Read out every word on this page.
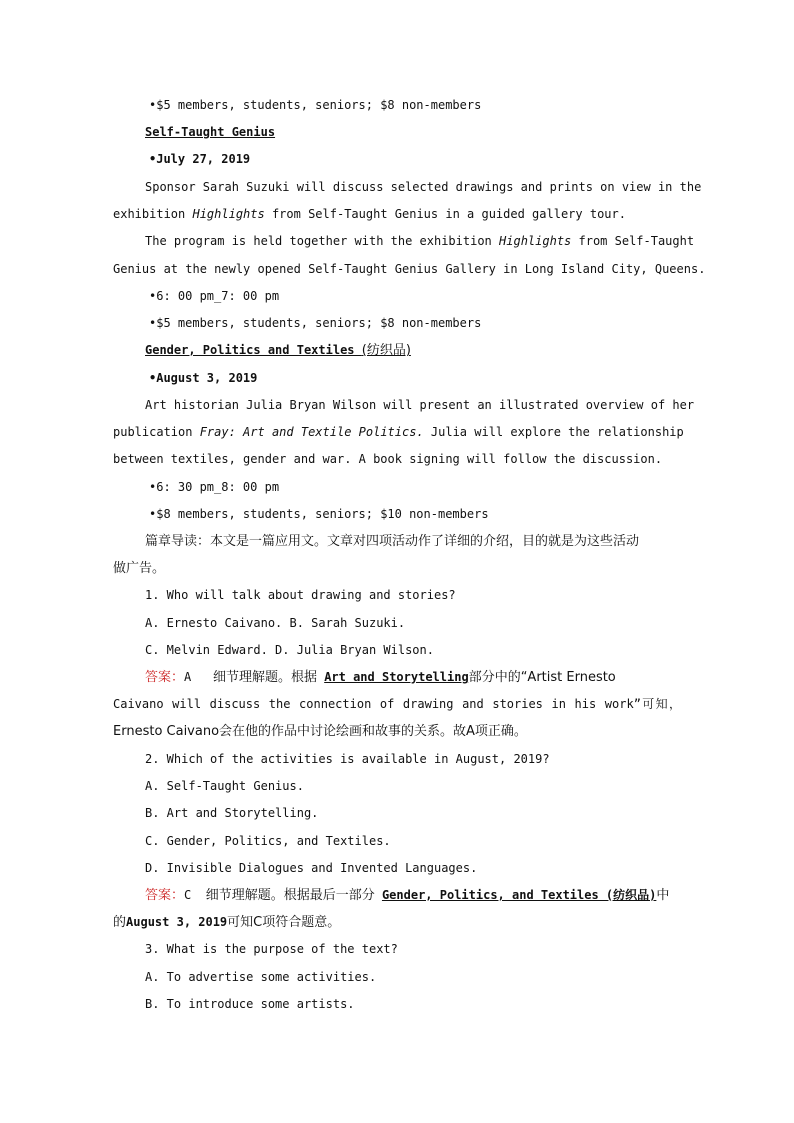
•$5 members, students, seniors; $8 non-members
Self-Taught Genius
•July 27, 2019
Sponsor Sarah Suzuki will discuss selected drawings and prints on view in the
exhibition Highlights from Self-Taught Genius in a guided gallery tour.
The program is held together with the exhibition Highlights from Self-Taught
Genius at the newly opened Self-Taught Genius Gallery in Long Island City, Queens.
•6: 00 pm_7: 00 pm
•$5 members, students, seniors; $8 non-members
Gender, Politics and Textiles (纺织品)
•August 3, 2019
Art historian Julia Bryan Wilson will present an illustrated overview of her
publication Fray: Art and Textile Politics. Julia will explore the relationship
between textiles, gender and war. A book signing will follow the discussion.
•6: 30 pm_8: 00 pm
•$8 members, students, seniors; $10 non-members
篇章导读：本文是一篇应用文。文章对四项活动作了详细的介绍，目的就是为这些活动
做广告。
1. Who will talk about drawing and stories?
A. Ernesto Caivano. B. Sarah Suzuki.
C. Melvin Edward. D. Julia Bryan Wilson.
答案：A 细节理解题。根据 Art and Storytelling部分中的“Artist Ernesto
Caivano will discuss the connection of drawing and stories in his work”可知，
Ernesto Caivano会在他的作品中讨论绘画和故事的关系。故A项正确。
2. Which of the activities is available in August, 2019?
A. Self-Taught Genius.
B. Art and Storytelling.
C. Gender, Politics, and Textiles.
D. Invisible Dialogues and Invented Languages.
答案：C 细节理解题。根据最后一部分 Gender, Politics, and Textiles (纺织品)中
的August 3, 2019可知C项符合题意。
3. What is the purpose of the text?
A. To advertise some activities.
B. To introduce some artists.
